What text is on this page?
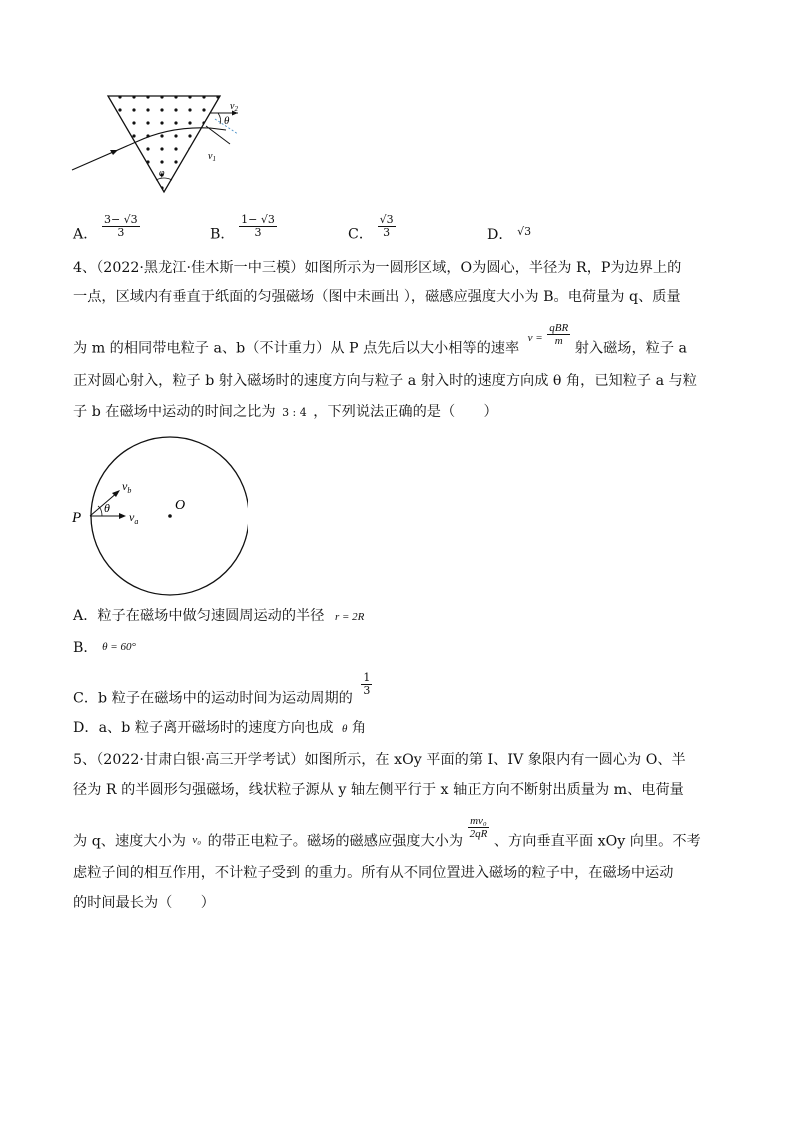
$v_2$
θ
$v_1$
φ
A． $\frac{3- √3}{3}$	B． $\frac{1- √3}{3}$	C． $\frac{√3}{3}$	D． $^{√3}$
4、（2022·黑龙江·佳木斯一中三模）如图所示为一圆形区域，O为圆心，半径为 R，P为边界上的
一点，区域内有垂直于纸面的匀强磁场（图中未画出 ），磁感应强度大小为 B。电荷量为 q、质量
为 m 的相同带电粒子 a、b（不计重力）从 P 点先后以大小相等的速率 $^{v =} \frac{\text{qBR}}{m}$
射入磁场，粒子 a
正对圆心射入，粒子 b 射入磁场时的速度方向与粒子 a 射入时的速度方向成 θ 角，已知粒子 a 与粒
子 b 在磁场中运动的时间之比为 3 : 4 ，下列说法正确的是（　　）
P
O
θ
$v_b$
$v_a$
A．粒子在磁场中做匀速圆周运动的半径 r = 2R
B． θ = 60°
C．b 粒子在磁场中的运动时间为运动周期的
$\frac{1}{3}$
D．a、b 粒子离开磁场时的速度方向也成 θ 角
5、（2022·甘肃白银·高三开学考试）如图所示，在 xOy 平面的第 I、IV 象限内有一圆心为 O、半
径为 R 的半圆形匀强磁场，线状粒子源从 y 轴左侧平行于 x 轴正方向不断射出质量为 m、电荷量
为 q、速度大小为 $^{v_0}$ 的带正电粒子。磁场的磁感应强度大小为
$\frac{\text{mv₀}}{2qR}$
、方向垂直平面 xOy 向里。不考
虑粒子间的相互作用，不计粒子受到 的重力。所有从不同位置进入磁场的粒子中，在磁场中运动
的时间最长为（　　）
